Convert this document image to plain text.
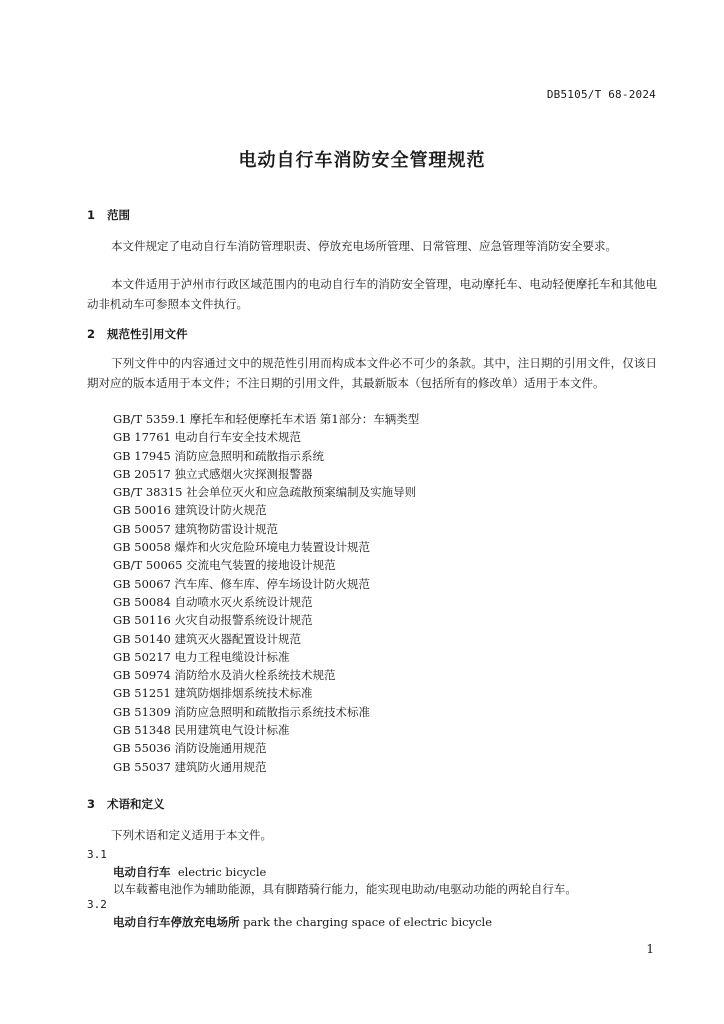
DB5105/T 68-2024
电动自行车消防安全管理规范
1 范围
本文件规定了电动自行车消防管理职责、停放充电场所管理、日常管理、应急管理等消防安全要求。
本文件适用于泸州市行政区域范围内的电动自行车的消防安全管理，电动摩托车、电动轻便摩托车和其他电动非机动车可参照本文件执行。
2 规范性引用文件
下列文件中的内容通过文中的规范性引用而构成本文件必不可少的条款。其中，注日期的引用文件，仅该日期对应的版本适用于本文件；不注日期的引用文件，其最新版本（包括所有的修改单）适用于本文件。
GB/T 5359.1 摩托车和轻便摩托车术语 第1部分：车辆类型
GB 17761 电动自行车安全技术规范
GB 17945 消防应急照明和疏散指示系统
GB 20517 独立式感烟火灾探测报警器
GB/T 38315 社会单位灭火和应急疏散预案编制及实施导则
GB 50016 建筑设计防火规范
GB 50057 建筑物防雷设计规范
GB 50058 爆炸和火灾危险环境电力装置设计规范
GB/T 50065 交流电气装置的接地设计规范
GB 50067 汽车库、修车库、停车场设计防火规范
GB 50084 自动喷水灭火系统设计规范
GB 50116 火灾自动报警系统设计规范
GB 50140 建筑灭火器配置设计规范
GB 50217 电力工程电缆设计标准
GB 50974 消防给水及消火栓系统技术规范
GB 51251 建筑防烟排烟系统技术标准
GB 51309 消防应急照明和疏散指示系统技术标准
GB 51348 民用建筑电气设计标准
GB 55036 消防设施通用规范
GB 55037 建筑防火通用规范
3 术语和定义
下列术语和定义适用于本文件。
3.1
电动自行车 electric bicycle
以车载蓄电池作为辅助能源，具有脚踏骑行能力，能实现电助动/电驱动功能的两轮自行车。
3.2
电动自行车停放充电场所 park the charging space of electric bicycle
1
